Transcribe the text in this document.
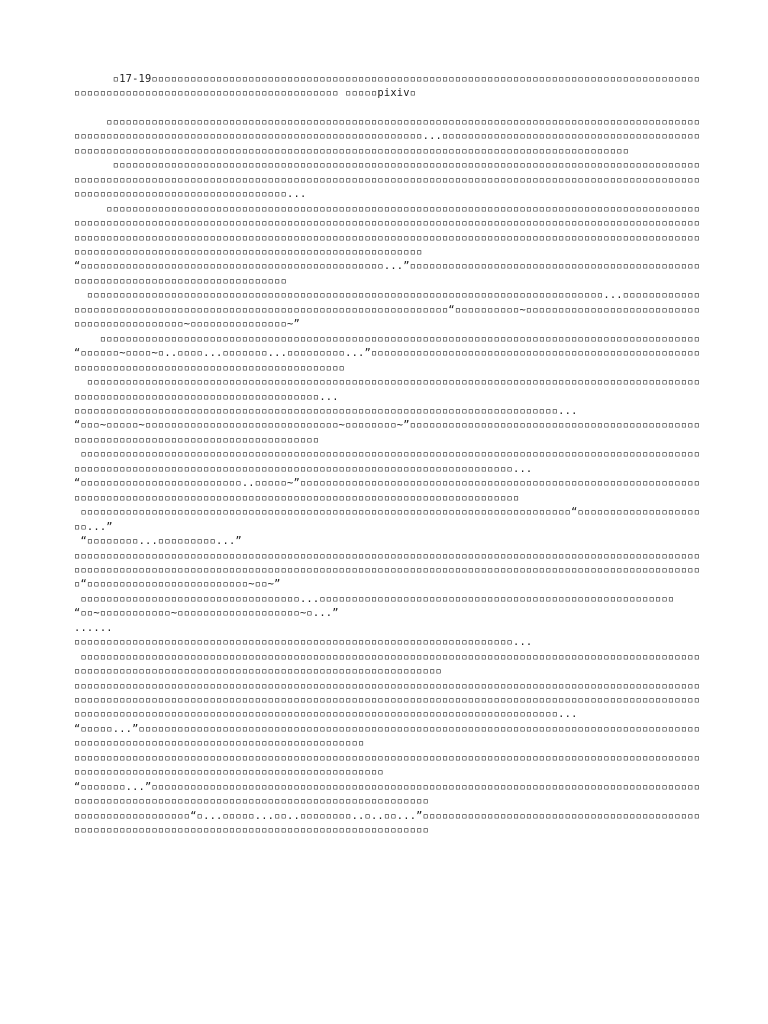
▫17-19▫▫▫▫▫▫▫▫▫▫▫▫▫▫▫▫▫▫▫▫▫▫▫▫▫▫▫▫▫▫▫▫▫▫▫▫▫▫▫▫▫▫▫▫▫▫▫▫▫▫▫▫▫▫▫▫▫▫▫▫▫▫▫▫▫▫▫▫▫▫▫▫▫▫▫▫▫▫▫▫▫▫▫▫▫▫▫▫▫▫▫▫▫▫▫▫▫▫▫▫▫▫▫▫▫▫▫▫▫▫▫▫▫▫▫▫▫▫▫▫▫▫▫▫▫▫ ▫▫▫▫▫pixiv▫

▫▫▫▫▫▫▫▫▫▫▫▫▫▫▫▫▫▫▫▫▫▫▫▫▫▫▫▫▫▫▫▫▫▫▫▫▫▫▫▫▫▫▫▫▫▫▫▫▫▫▫▫▫▫▫▫▫▫▫▫▫▫▫▫▫▫▫▫▫▫▫▫▫▫▫▫▫▫▫▫▫▫▫▫▫▫▫▫▫▫▫▫▫▫▫▫▫▫▫▫▫▫▫▫▫▫▫▫▫▫▫▫▫▫▫▫▫▫▫▫▫▫▫▫▫▫▫▫▫▫▫▫▫▫▫▫▫▫▫▫▫▫▫▫▫▫...▫▫▫▫▫▫▫▫▫▫▫▫▫▫▫▫▫▫▫▫▫▫▫▫▫▫▫▫▫▫▫▫▫▫▫▫▫▫▫▫▫▫▫▫▫▫▫▫▫▫▫▫▫▫▫▫▫▫▫▫▫▫▫▫▫▫▫▫▫▫▫▫▫▫▫▫▫▫▫▫▫▫▫▫▫▫▫▫▫▫▫▫▫▫▫▫▫▫▫▫▫▫▫▫▫▫▫▫▫▫▫▫▫▫▫▫▫▫▫▫▫▫▫▫▫▫

▫▫▫▫▫▫▫▫▫▫▫▫▫▫▫▫▫▫▫▫▫▫▫▫▫▫▫▫▫▫▫▫▫▫▫▫▫▫▫▫▫▫▫▫▫▫▫▫▫▫▫▫▫▫▫▫▫▫▫▫▫▫▫▫▫▫▫▫▫▫▫▫▫▫▫▫▫▫▫▫▫▫▫▫▫▫▫▫▫▫▫▫▫▫▫▫▫▫▫▫▫▫▫▫▫▫▫▫▫▫▫▫▫▫▫▫▫▫▫▫▫▫▫▫▫▫▫▫▫▫▫▫▫▫▫▫▫▫▫▫▫▫▫▫▫▫▫▫▫▫▫▫▫▫▫▫▫▫▫▫▫▫▫▫▫▫▫▫▫▫▫▫▫▫▫▫▫▫▫▫▫▫▫▫▫▫▫▫▫▫▫▫▫▫▫▫▫▫▫▫▫▫▫▫▫▫▫▫▫▫▫▫▫▫▫▫▫▫▫▫▫...

▫▫▫▫▫▫▫▫▫▫▫▫▫▫▫▫▫▫▫▫▫▫▫▫▫▫▫▫▫▫▫▫▫▫▫▫▫▫▫▫▫▫▫▫▫▫▫▫▫▫▫▫▫▫▫▫▫▫▫▫▫▫▫▫▫▫▫▫▫▫▫▫▫▫▫▫▫▫▫▫▫▫▫▫▫▫▫▫▫▫▫▫▫▫▫▫▫▫▫▫▫▫▫▫▫▫▫▫▫▫▫▫▫▫▫▫▫▫▫▫▫▫▫▫▫▫▫▫▫▫▫▫▫▫▫▫▫▫▫▫▫▫▫▫▫▫▫▫▫▫▫▫▫▫▫▫▫▫▫▫▫▫▫▫▫▫▫▫▫▫▫▫▫▫▫▫▫▫▫▫▫▫▫▫▫▫▫▫▫▫▫▫▫▫▫▫▫▫▫▫▫▫▫▫▫▫▫▫▫▫▫▫▫▫▫▫▫▫▫▫▫▫▫▫▫▫▫▫▫▫▫▫▫▫▫▫▫▫▫▫▫▫▫▫▫▫▫▫▫▫▫▫▫▫▫▫▫▫▫▫▫▫▫▫▫▫▫▫▫▫▫▫▫▫▫▫▫▫▫▫▫▫▫▫▫▫▫▫▫▫▫▫▫▫▫▫▫▫▫▫▫▫▫▫▫▫▫▫▫▫▫▫▫▫▫▫▫▫▫▫▫▫▫▫▫▫▫▫▫▫▫▫▫▫▫▫▫▫▫▫

“▫▫▫▫▫▫▫▫▫▫▫▫▫▫▫▫▫▫▫▫▫▫▫▫▫▫▫▫▫▫▫▫▫▫▫▫▫▫▫▫▫▫▫▫▫▫▫...”▫▫▫▫▫▫▫▫▫▫▫▫▫▫▫▫▫▫▫▫▫▫▫▫▫▫▫▫▫▫▫▫▫▫▫▫▫▫▫▫▫▫▫▫▫▫▫▫▫▫▫▫▫▫▫▫▫▫▫▫▫▫▫▫▫▫▫▫▫▫▫▫▫▫▫▫▫▫

▫▫▫▫▫▫▫▫▫▫▫▫▫▫▫▫▫▫▫▫▫▫▫▫▫▫▫▫▫▫▫▫▫▫▫▫▫▫▫▫▫▫▫▫▫▫▫▫▫▫▫▫▫▫▫▫▫▫▫▫▫▫▫▫▫▫▫▫▫▫▫▫▫▫▫▫▫▫▫▫...▫▫▫▫▫▫▫▫▫▫▫▫▫▫▫▫▫▫▫▫▫▫▫▫▫▫▫▫▫▫▫▫▫▫▫▫▫▫▫▫▫▫▫▫▫▫▫▫▫▫▫▫▫▫▫▫▫▫▫▫▫▫▫▫▫▫▫▫▫▫“▫▫▫▫▫▫▫▫▫▫~▫▫▫▫▫▫▫▫▫▫▫▫▫▫▫▫▫▫▫▫▫▫▫▫▫▫▫▫▫▫▫▫▫▫▫▫▫▫▫▫▫▫▫▫~▫▫▫▫▫▫▫▫▫▫▫▫▫▫▫~”

▫▫▫▫▫▫▫▫▫▫▫▫▫▫▫▫▫▫▫▫▫▫▫▫▫▫▫▫▫▫▫▫▫▫▫▫▫▫▫▫▫▫▫▫▫▫▫▫▫▫▫▫▫▫▫▫▫▫▫▫▫▫▫▫▫▫▫▫▫▫▫▫▫▫▫▫▫▫▫▫▫▫▫▫▫▫▫▫▫▫▫▫▫

“▫▫▫▫▫▫~▫▫▫▫~▫..▫▫▫▫...▫▫▫▫▫▫▫...▫▫▫▫▫▫▫▫▫...”▫▫▫▫▫▫▫▫▫▫▫▫▫▫▫▫▫▫▫▫▫▫▫▫▫▫▫▫▫▫▫▫▫▫▫▫▫▫▫▫▫▫▫▫▫▫▫▫▫▫▫▫▫▫▫▫▫▫▫▫▫▫▫▫▫▫▫▫▫▫▫▫▫▫▫▫▫▫▫▫▫▫▫▫▫▫▫▫▫▫▫▫▫

▫▫▫▫▫▫▫▫▫▫▫▫▫▫▫▫▫▫▫▫▫▫▫▫▫▫▫▫▫▫▫▫▫▫▫▫▫▫▫▫▫▫▫▫▫▫▫▫▫▫▫▫▫▫▫▫▫▫▫▫▫▫▫▫▫▫▫▫▫▫▫▫▫▫▫▫▫▫▫▫▫▫▫▫▫▫▫▫▫▫▫▫▫▫▫▫▫▫▫▫▫▫▫▫▫▫▫▫▫▫▫▫▫▫▫▫▫▫▫▫▫▫▫▫▫▫▫▫▫▫▫▫▫...

▫▫▫▫▫▫▫▫▫▫▫▫▫▫▫▫▫▫▫▫▫▫▫▫▫▫▫▫▫▫▫▫▫▫▫▫▫▫▫▫▫▫▫▫▫▫▫▫▫▫▫▫▫▫▫▫▫▫▫▫▫▫▫▫▫▫▫▫▫▫▫▫▫▫▫...

“▫▫▫~▫▫▫▫▫~▫▫▫▫▫▫▫▫▫▫▫▫▫▫▫▫▫▫▫▫▫▫▫▫▫▫▫▫▫▫~▫▫▫▫▫▫▫▫~”▫▫▫▫▫▫▫▫▫▫▫▫▫▫▫▫▫▫▫▫▫▫▫▫▫▫▫▫▫▫▫▫▫▫▫▫▫▫▫▫▫▫▫▫▫▫▫▫▫▫▫▫▫▫▫▫▫▫▫▫▫▫▫▫▫▫▫▫▫▫▫▫▫▫▫▫▫▫▫▫▫▫▫

▫▫▫▫▫▫▫▫▫▫▫▫▫▫▫▫▫▫▫▫▫▫▫▫▫▫▫▫▫▫▫▫▫▫▫▫▫▫▫▫▫▫▫▫▫▫▫▫▫▫▫▫▫▫▫▫▫▫▫▫▫▫▫▫▫▫▫▫▫▫▫▫▫▫▫▫▫▫▫▫▫▫▫▫▫▫▫▫▫▫▫▫▫▫▫▫▫▫▫▫▫▫▫▫▫▫▫▫▫▫▫▫▫▫▫▫▫▫▫▫▫▫▫▫▫▫▫▫▫▫▫▫▫▫▫▫▫▫▫▫▫▫▫▫▫▫▫▫▫▫▫▫▫▫▫▫▫▫▫▫▫▫▫▫...

“▫▫▫▫▫▫▫▫▫▫▫▫▫▫▫▫▫▫▫▫▫▫▫▫▫..▫▫▫▫▫~”▫▫▫▫▫▫▫▫▫▫▫▫▫▫▫▫▫▫▫▫▫▫▫▫▫▫▫▫▫▫▫▫▫▫▫▫▫▫▫▫▫▫▫▫▫▫▫▫▫▫▫▫▫▫▫▫▫▫▫▫▫▫▫▫▫▫▫▫▫▫▫▫▫▫▫▫▫▫▫▫▫▫▫▫▫▫▫▫▫▫▫▫▫▫▫▫▫▫▫▫▫▫▫▫▫▫▫▫▫▫▫▫▫▫▫▫▫▫▫▫▫▫▫▫▫▫▫▫▫▫▫

▫▫▫▫▫▫▫▫▫▫▫▫▫▫▫▫▫▫▫▫▫▫▫▫▫▫▫▫▫▫▫▫▫▫▫▫▫▫▫▫▫▫▫▫▫▫▫▫▫▫▫▫▫▫▫▫▫▫▫▫▫▫▫▫▫▫▫▫▫▫▫▫▫▫▫▫“▫▫▫▫▫▫▫▫▫▫▫▫▫▫▫▫▫▫▫▫▫...”

“▫▫▫▫▫▫▫▫...▫▫▫▫▫▫▫▫▫...”

▫▫▫▫▫▫▫▫▫▫▫▫▫▫▫▫▫▫▫▫▫▫▫▫▫▫▫▫▫▫▫▫▫▫▫▫▫▫▫▫▫▫▫▫▫▫▫▫▫▫▫▫▫▫▫▫▫▫▫▫▫▫▫▫▫▫▫▫▫▫▫▫▫▫▫▫▫▫▫▫▫▫▫▫▫▫▫▫▫▫▫▫▫▫▫▫▫▫▫▫▫▫▫▫▫▫▫▫▫▫▫▫▫▫▫▫▫▫▫▫▫▫▫▫▫▫▫▫▫▫▫▫▫▫▫▫▫▫▫▫▫▫▫▫▫▫▫▫▫▫▫▫▫▫▫▫▫▫▫▫▫▫▫▫▫▫▫▫▫▫▫▫▫▫▫▫▫▫▫▫▫▫▫▫▫▫▫▫▫▫▫▫▫▫▫“▫▫▫▫▫▫▫▫▫▫▫▫▫▫▫▫▫▫▫▫▫▫▫▫▫~▫▫~”

▫▫▫▫▫▫▫▫▫▫▫▫▫▫▫▫▫▫▫▫▫▫▫▫▫▫▫▫▫▫▫▫▫▫...▫▫▫▫▫▫▫▫▫▫▫▫▫▫▫▫▫▫▫▫▫▫▫▫▫▫▫▫▫▫▫▫▫▫▫▫▫▫▫▫▫▫▫▫▫▫▫▫▫▫▫▫▫▫▫

“▫▫~▫▫▫▫▫▫▫▫▫▫▫~▫▫▫▫▫▫▫▫▫▫▫▫▫▫▫▫▫▫▫~▫...”

......

▫▫▫▫▫▫▫▫▫▫▫▫▫▫▫▫▫▫▫▫▫▫▫▫▫▫▫▫▫▫▫▫▫▫▫▫▫▫▫▫▫▫▫▫▫▫▫▫▫▫▫▫▫▫▫▫▫▫▫▫▫▫▫▫▫▫▫▫...

▫▫▫▫▫▫▫▫▫▫▫▫▫▫▫▫▫▫▫▫▫▫▫▫▫▫▫▫▫▫▫▫▫▫▫▫▫▫▫▫▫▫▫▫▫▫▫▫▫▫▫▫▫▫▫▫▫▫▫▫▫▫▫▫▫▫▫▫▫▫▫▫▫▫▫▫▫▫▫▫▫▫▫▫▫▫▫▫▫▫▫▫▫▫▫▫▫▫▫▫▫▫▫▫▫▫▫▫▫▫▫▫▫▫▫▫▫▫▫▫▫▫▫▫▫▫▫▫▫▫▫▫▫▫▫▫▫▫▫▫▫▫▫▫▫▫▫▫▫▫▫▫▫

▫▫▫▫▫▫▫▫▫▫▫▫▫▫▫▫▫▫▫▫▫▫▫▫▫▫▫▫▫▫▫▫▫▫▫▫▫▫▫▫▫▫▫▫▫▫▫▫▫▫▫▫▫▫▫▫▫▫▫▫▫▫▫▫▫▫▫▫▫▫▫▫▫▫▫▫▫▫▫▫▫▫▫▫▫▫▫▫▫▫▫▫▫▫▫▫▫▫▫▫▫▫▫▫▫▫▫▫▫▫▫▫▫▫▫▫▫▫▫▫▫▫▫▫▫▫▫▫▫▫▫▫▫▫▫▫▫▫▫▫▫▫▫▫▫▫▫▫▫▫▫▫▫▫▫▫▫▫▫▫▫▫▫▫▫▫▫▫▫▫▫▫▫▫▫▫▫▫▫▫▫▫▫▫▫▫▫▫▫▫▫▫▫▫▫▫▫▫▫▫▫▫▫▫▫▫▫▫▫▫▫▫▫▫▫▫▫▫▫▫▫▫▫▫▫▫▫▫▫▫▫▫▫▫▫▫▫▫▫▫▫▫▫▫▫▫▫▫▫▫▫▫▫▫▫▫▫▫▫▫▫▫▫▫▫▫▫▫▫...

“▫▫▫▫▫...”▫▫▫▫▫▫▫▫▫▫▫▫▫▫▫▫▫▫▫▫▫▫▫▫▫▫▫▫▫▫▫▫▫▫▫▫▫▫▫▫▫▫▫▫▫▫▫▫▫▫▫▫▫▫▫▫▫▫▫▫▫▫▫▫▫▫▫▫▫▫▫▫▫▫▫▫▫▫▫▫▫▫▫▫▫▫▫▫▫▫▫▫▫▫▫▫▫▫▫▫▫▫▫▫▫▫▫▫▫▫▫▫▫▫▫▫▫▫▫▫▫▫▫▫▫▫▫▫▫▫▫▫

▫▫▫▫▫▫▫▫▫▫▫▫▫▫▫▫▫▫▫▫▫▫▫▫▫▫▫▫▫▫▫▫▫▫▫▫▫▫▫▫▫▫▫▫▫▫▫▫▫▫▫▫▫▫▫▫▫▫▫▫▫▫▫▫▫▫▫▫▫▫▫▫▫▫▫▫▫▫▫▫▫▫▫▫▫▫▫▫▫▫▫▫▫▫▫▫▫▫▫▫▫▫▫▫▫▫▫▫▫▫▫▫▫▫▫▫▫▫▫▫▫▫▫▫▫▫▫▫▫▫▫▫▫▫▫▫▫▫▫▫▫▫▫▫▫

“▫▫▫▫▫▫▫...”▫▫▫▫▫▫▫▫▫▫▫▫▫▫▫▫▫▫▫▫▫▫▫▫▫▫▫▫▫▫▫▫▫▫▫▫▫▫▫▫▫▫▫▫▫▫▫▫▫▫▫▫▫▫▫▫▫▫▫▫▫▫▫▫▫▫▫▫▫▫▫▫▫▫▫▫▫▫▫▫▫▫▫▫▫▫▫▫▫▫▫▫▫▫▫▫▫▫▫▫▫▫▫▫▫▫▫▫▫▫▫▫▫▫▫▫▫▫▫▫▫▫▫▫▫▫▫▫▫▫▫▫▫▫▫▫▫▫▫▫

▫▫▫▫▫▫▫▫▫▫▫▫▫▫▫▫▫▫“▫...▫▫▫▫▫...▫▫..▫▫▫▫▫▫▫▫..▫..▫▫...”▫▫▫▫▫▫▫▫▫▫▫▫▫▫▫▫▫▫▫▫▫▫▫▫▫▫▫▫▫▫▫▫▫▫▫▫▫▫▫▫▫▫▫▫▫▫▫▫▫▫▫▫▫▫▫▫▫▫▫▫▫▫▫▫▫▫▫▫▫▫▫▫▫▫▫▫▫▫▫▫▫▫▫▫▫▫▫▫▫▫▫▫▫▫▫▫▫▫
